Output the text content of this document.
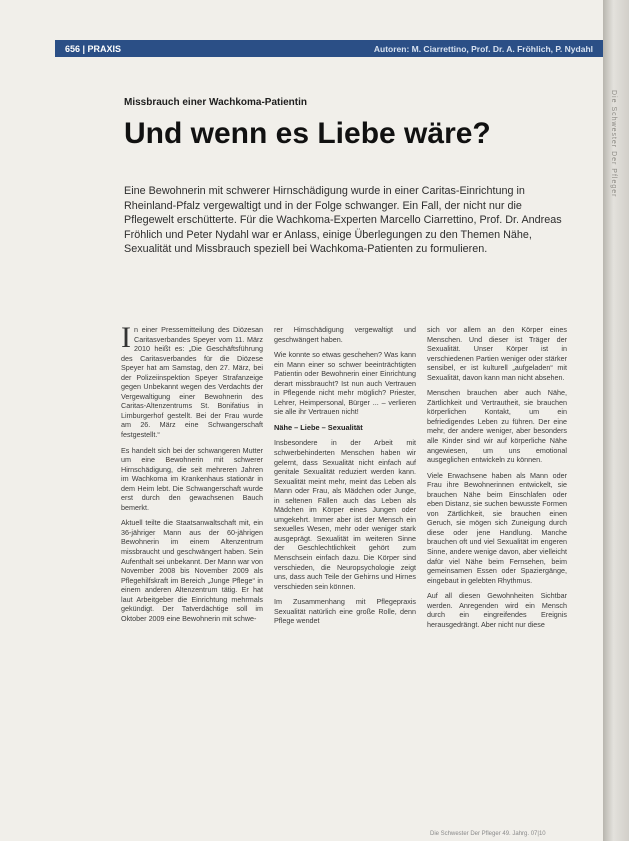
656 | PRAXIS	Autoren: M. Ciarrettino, Prof. Dr. A. Fröhlich, P. Nydahl
Missbrauch einer Wachkoma-Patientin
Und wenn es Liebe wäre?
Eine Bewohnerin mit schwerer Hirnschädigung wurde in einer Caritas-Einrichtung in Rheinland-Pfalz vergewaltigt und in der Folge schwanger. Ein Fall, der nicht nur die Pflegewelt erschütterte. Für die Wachkoma-Experten Marcello Ciarrettino, Prof. Dr. Andreas Fröhlich und Peter Nydahl war er Anlass, einige Überlegungen zu den Themen Nähe, Sexualität und Missbrauch speziell bei Wachkoma-Patienten zu formulieren.

In einer Pressemitteilung des Diözesan Caritasverbandes Speyer vom 11. März 2010 heißt es: „Die Geschäftsführung des Caritasverbandes für die Diözese Speyer hat am Samstag, den 27. März, bei der Polizeiinspektion Speyer Strafanzeige gegen Unbekannt wegen des Verdachts der Vergewaltigung einer Bewohnerin des Caritas-Altenzentrums St. Bonifatius in Limburgerhof gestellt. Bei der Frau wurde am 26. März eine Schwangerschaft festgestellt.“

Es handelt sich bei der schwangeren Mutter um eine Bewohnerin mit schwerer Hirnschädigung, die seit mehreren Jahren im Wachkoma im Krankenhaus stationär in dem Heim lebt. Die Schwangerschaft wurde erst durch den gewachsenen Bauch bemerkt.

Aktuell teilte die Staatsanwaltschaft mit, ein 36-jähriger Mann aus der 60-jährigen Bewohnerin im einem Altenzentrum missbraucht und geschwängert haben. Sein Aufenthalt sei unbekannt. Der Mann war von November 2008 bis November 2009 als Pflegehilfskraft im Bereich „Junge Pflege“ in einem anderen Altenzentrum tätig. Er hat laut Arbeitgeber die Einrichtung mehrmals gekündigt. Der Tatverdächtige soll im Oktober 2009 eine Bewohnerin mit schwe-

rer Hirnschädigung vergewaltigt und geschwängert haben.

Wie konnte so etwas geschehen? Was kann ein Mann einer so schwer beeinträchtigten Patientin oder Bewohnerin einer Einrichtung derart missbraucht? Ist nun auch Vertrauen in Pflegende nicht mehr möglich? Priester, Lehrer, Heimpersonal, Bürger ... – verlieren sie alle ihr Vertrauen nicht!

Nähe – Liebe – Sexualität

Insbesondere in der Arbeit mit schwerbehinderten Menschen haben wir gelernt, dass Sexualität nicht einfach auf genitale Sexualität reduziert werden kann. Sexualität meint mehr, meint das Leben als Mann oder Frau, als Mädchen oder Junge, in seltenen Fällen auch das Leben als Mädchen im Körper eines Jungen oder umgekehrt. Immer aber ist der Mensch ein sexuelles Wesen, mehr oder weniger stark ausgeprägt. Sexualität im weiteren Sinne der Geschlechtlichkeit gehört zum Menschsein einfach dazu. Die Körper sind verschieden, die Neuropsychologie zeigt uns, dass auch Teile der Gehirns und Hirnes verschieden sein können.

Im Zusammenhang mit Pflegepraxis Sexualität natürlich eine große Rolle, denn Pflege wendet

sich vor allem an den Körper eines Menschen. Und dieser ist Träger der Sexualität. Unser Körper ist in verschiedenen Partien weniger oder stärker sensibel, er ist kulturell „aufgeladen“ mit Sexualität, davon kann man nicht absehen.

Menschen brauchen aber auch Nähe, Zärtlichkeit und Vertrautheit, sie brauchen körperlichen Kontakt, um ein befriedigendes Leben zu führen. Der eine mehr, der andere weniger, aber besonders alle Kinder sind wir auf körperliche Nähe angewiesen, um uns emotional ausgeglichen entwickeln zu können.

Viele Erwachsene haben als Mann oder Frau ihre Bewohnerinnen entwickelt, sie brauchen Nähe beim Einschlafen oder eben Distanz, sie suchen bewusste Formen von Zärtlichkeit, sie brauchen einen Geruch, sie mögen sich Zuneigung durch diese oder jene Handlung. Manche brauchen oft und viel Sexualität im engeren Sinne, andere wenige davon, aber vielleicht dafür viel Nähe beim Fernsehen, beim gemeinsamen Essen oder Spaziergänge, eingebaut in gelebten Rhythmus.

Auf all diesen Gewohnheiten Sichtbar werden. Anregenden wird ein Mensch durch ein eingreifendes Ereignis herausgedrängt. Aber nicht nur diese

Die Schwester Der Pfleger 49. Jahrg. 07|10
Die Schwester Der Pfleger
